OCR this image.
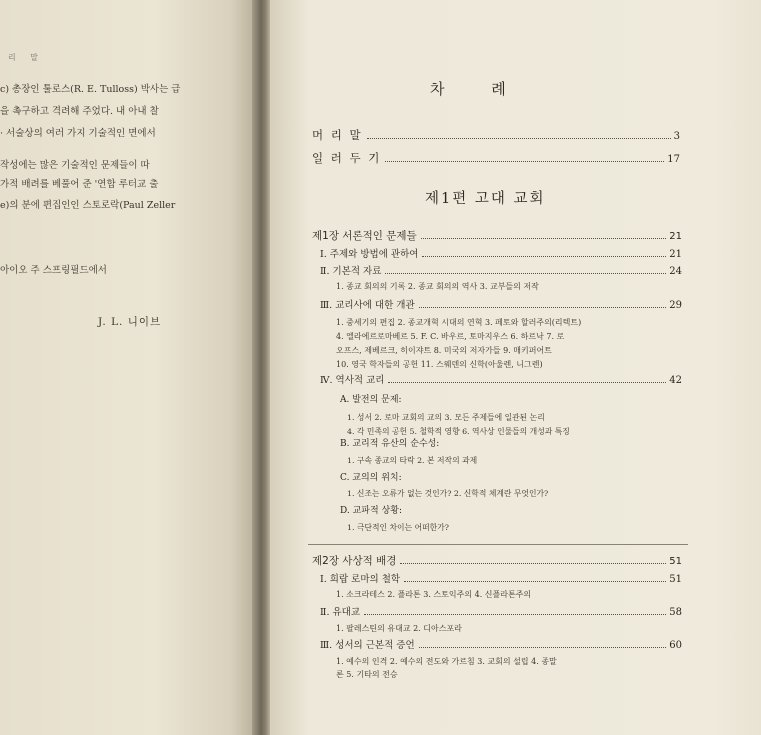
리 말
c) 총장인 툴로스(R. E. Tulloss) 박사는 급
을 촉구하고 격려해 주었다. 내 아내 찰
· 서술상의 여러 가지 기술적인 면에서
작성에는 많은 기술적인 문제들이 따
가적 배려를 베풀어 준 '연합 루터교 출
e)의 분에 편집인인 스토로락(Paul Zeller
아이오 주 스프링필드에서
J. L. 니이브
차	례
머 리 말	3
일 러 두 기	17
제1편 고대 교회
제1장 서론적인 문제들	21
Ⅰ. 주제와 방법에 관하여	21
Ⅱ. 기본적 자료	24
1. 종교 회의의 기록 2. 종교 회의의 역사 3. 교부들의 저작
Ⅲ. 교리사에 대한 개관	29
1. 중세기의 편집 2. 종교개혁 시대의 연혁 3. 페토와 할러주의(리텍트)
4. 엘라에르로마베르 5. F. C. 바우르, 토마지우스 6. 하르낙 7. 로
오프스, 제베르크, 히이쟈트 8. 미국의 저자가들 9. 매키퍼어트
10. 영국 학자들의 공헌 11. 스웨덴의 신학(아울렌, 니그렌)
Ⅳ. 역사적 교리	42
A. 발전의 문제:
1. 성서 2. 로마 교회의 교의 3. 모든 주제들에 일관된 논리
4. 각 민족의 공헌 5. 철학적 영향 6. 역사상 인물들의 개성과 특징
B. 교리적 유산의 순수성:
1. 구속 종교의 타락 2. 본 저작의 과제
C. 교의의 위치:
1. 신조는 오류가 없는 것인가? 2. 신학적 체계란 무엇인가?
D. 교파적 상황:
1. 극단적인 차이는 어떠한가?
제2장 사상적 배경	51
Ⅰ. 희랍 로마의 철학	51
1. 소크라테스 2. 플라톤 3. 스토익주의 4. 신플라톤주의
Ⅱ. 유대교	58
1. 팔레스틴의 유대교 2. 디아스포라
Ⅲ. 성서의 근본적 증언	60
1. 예수의 인격 2. 예수의 전도와 가르침 3. 교회의 설립 4. 종말
론 5. 기타의 전승
